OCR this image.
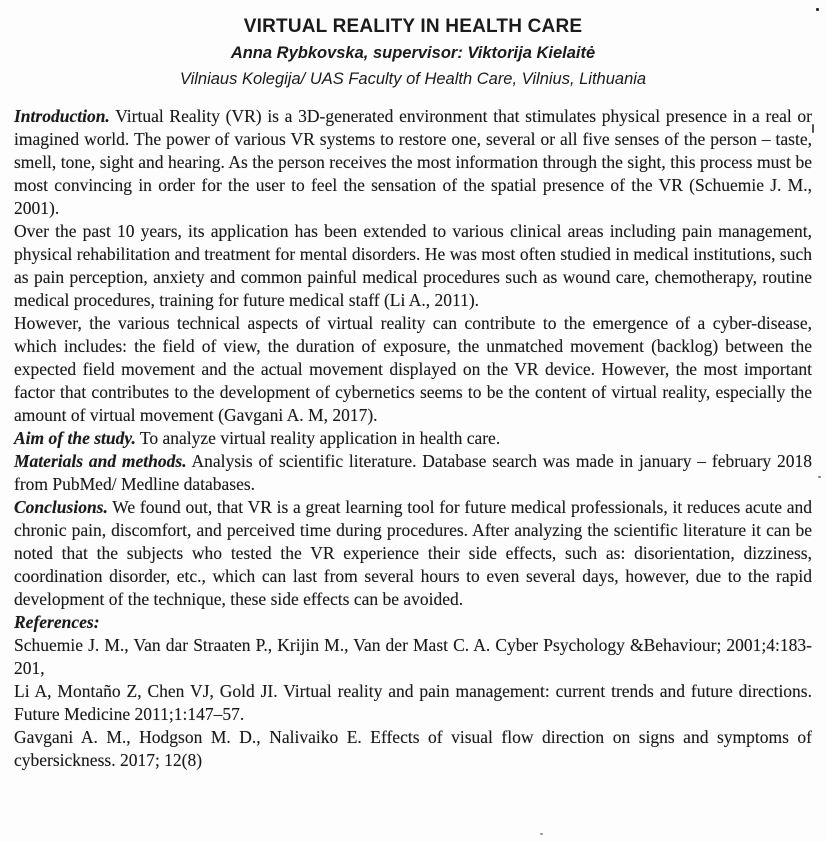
VIRTUAL REALITY IN HEALTH CARE
Anna Rybkovska, supervisor: Viktorija Kielaitė
Vilniaus Kolegija/ UAS Faculty of Health Care, Vilnius, Lithuania

Introduction. Virtual Reality (VR) is a 3D-generated environment that stimulates physical presence in a real or imagined world. The power of various VR systems to restore one, several or all five senses of the person – taste, smell, tone, sight and hearing. As the person receives the most information through the sight, this process must be most convincing in order for the user to feel the sensation of the spatial presence of the VR (Schuemie J. M., 2001).

Over the past 10 years, its application has been extended to various clinical areas including pain management, physical rehabilitation and treatment for mental disorders. He was most often studied in medical institutions, such as pain perception, anxiety and common painful medical procedures such as wound care, chemotherapy, routine medical procedures, training for future medical staff (Li A., 2011).

However, the various technical aspects of virtual reality can contribute to the emergence of a cyber-disease, which includes: the field of view, the duration of exposure, the unmatched movement (backlog) between the expected field movement and the actual movement displayed on the VR device. However, the most important factor that contributes to the development of cybernetics seems to be the content of virtual reality, especially the amount of virtual movement (Gavgani A. M, 2017).

Aim of the study. To analyze virtual reality application in health care.

Materials and methods. Analysis of scientific literature. Database search was made in january – february 2018 from PubMed/ Medline databases.

Conclusions. We found out, that VR is a great learning tool for future medical professionals, it reduces acute and chronic pain, discomfort, and perceived time during procedures. After analyzing the scientific literature it can be noted that the subjects who tested the VR experience their side effects, such as: disorientation, dizziness, coordination disorder, etc., which can last from several hours to even several days, however, due to the rapid development of the technique, these side effects can be avoided.

References:

Schuemie J. M., Van dar Straaten P., Krijin M., Van der Mast C. A. Cyber Psychology &Behaviour; 2001;4:183-201,

Li A, Montaño Z, Chen VJ, Gold JI. Virtual reality and pain management: current trends and future directions. Future Medicine 2011;1:147–57.

Gavgani A. M., Hodgson M. D., Nalivaiko E. Effects of visual flow direction on signs and symptoms of cybersickness. 2017; 12(8)
